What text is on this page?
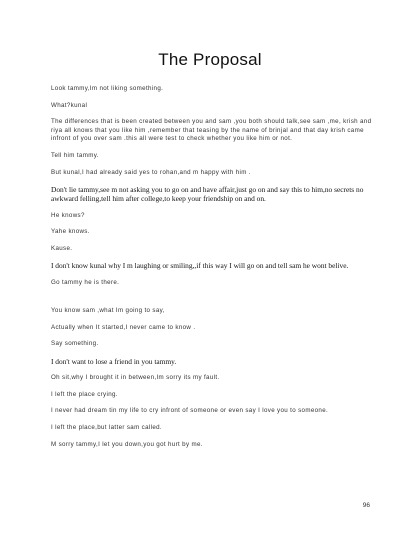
The Proposal

Look tammy,Im not liking something.

What?kunal

The differences that is been created between you and sam ,you both should talk,see sam ,me, krish and riya all knows that you like him ,remember that teasing by the name of brinjal and that day krish came infront of you over sam .this all were test to check whether you like him or not.

Tell him tammy.

But kunal,I had already said yes to rohan,and m happy with him .

Don't lie tammy,see m not asking you to go on and have affair,just go on and say this to him,no secrets no awkward felling,tell him after college,to keep your friendship on and on.

He knows?

Yahe knows.

Kause.

I don't know kunal why I m laughing or smiling,,if this way I will go on and tell sam he wont belive.

Go tammy he is there.

You know sam ,what Im going to say,

Actually when It started,I never came to know .

Say something.

I don't want to lose a friend in you tammy.

Oh sit,why I brought it in between,Im sorry its my fault.

I left the place crying.

I never had dream tin my life to cry infront of someone or even say I love you to someone.

I left the place,but latter sam called.

M sorry tammy,I let you down,you got hurt by me.

96
